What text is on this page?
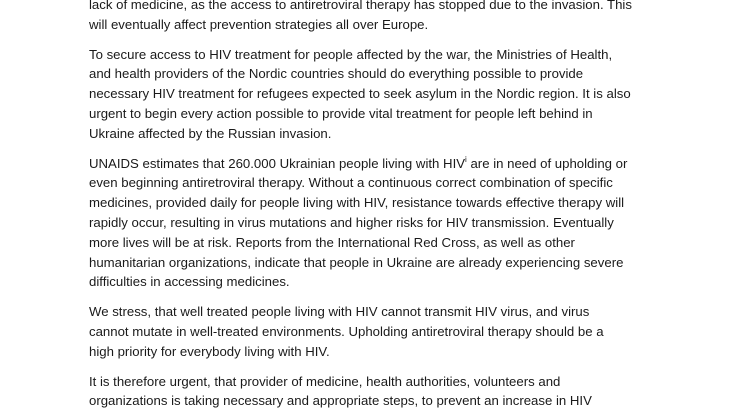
lack of medicine, as the access to antiretroviral therapy has stopped due to the invasion. This
will eventually affect prevention strategies all over Europe.

To secure access to HIV treatment for people affected by the war, the Ministries of Health,
and health providers of the Nordic countries should do everything possible to provide
necessary HIV treatment for refugees expected to seek asylum in the Nordic region. It is also
urgent to begin every action possible to provide vital treatment for people left behind in
Ukraine affected by the Russian invasion.

UNAIDS estimates that 260.000 Ukrainian people living with HIV$^i$ are in need of upholding or
even beginning antiretroviral therapy. Without a continuous correct combination of specific
medicines, provided daily for people living with HIV, resistance towards effective therapy will
rapidly occur, resulting in virus mutations and higher risks for HIV transmission. Eventually
more lives will be at risk. Reports from the International Red Cross, as well as other
humanitarian organizations, indicate that people in Ukraine are already experiencing severe
difficulties in accessing medicines.

We stress, that well treated people living with HIV cannot transmit HIV virus, and virus
cannot mutate in well-treated environments. Upholding antiretroviral therapy should be a
high priority for everybody living with HIV.

It is therefore urgent, that provider of medicine, health authorities, volunteers and
organizations is taking necessary and appropriate steps, to prevent an increase in HIV
